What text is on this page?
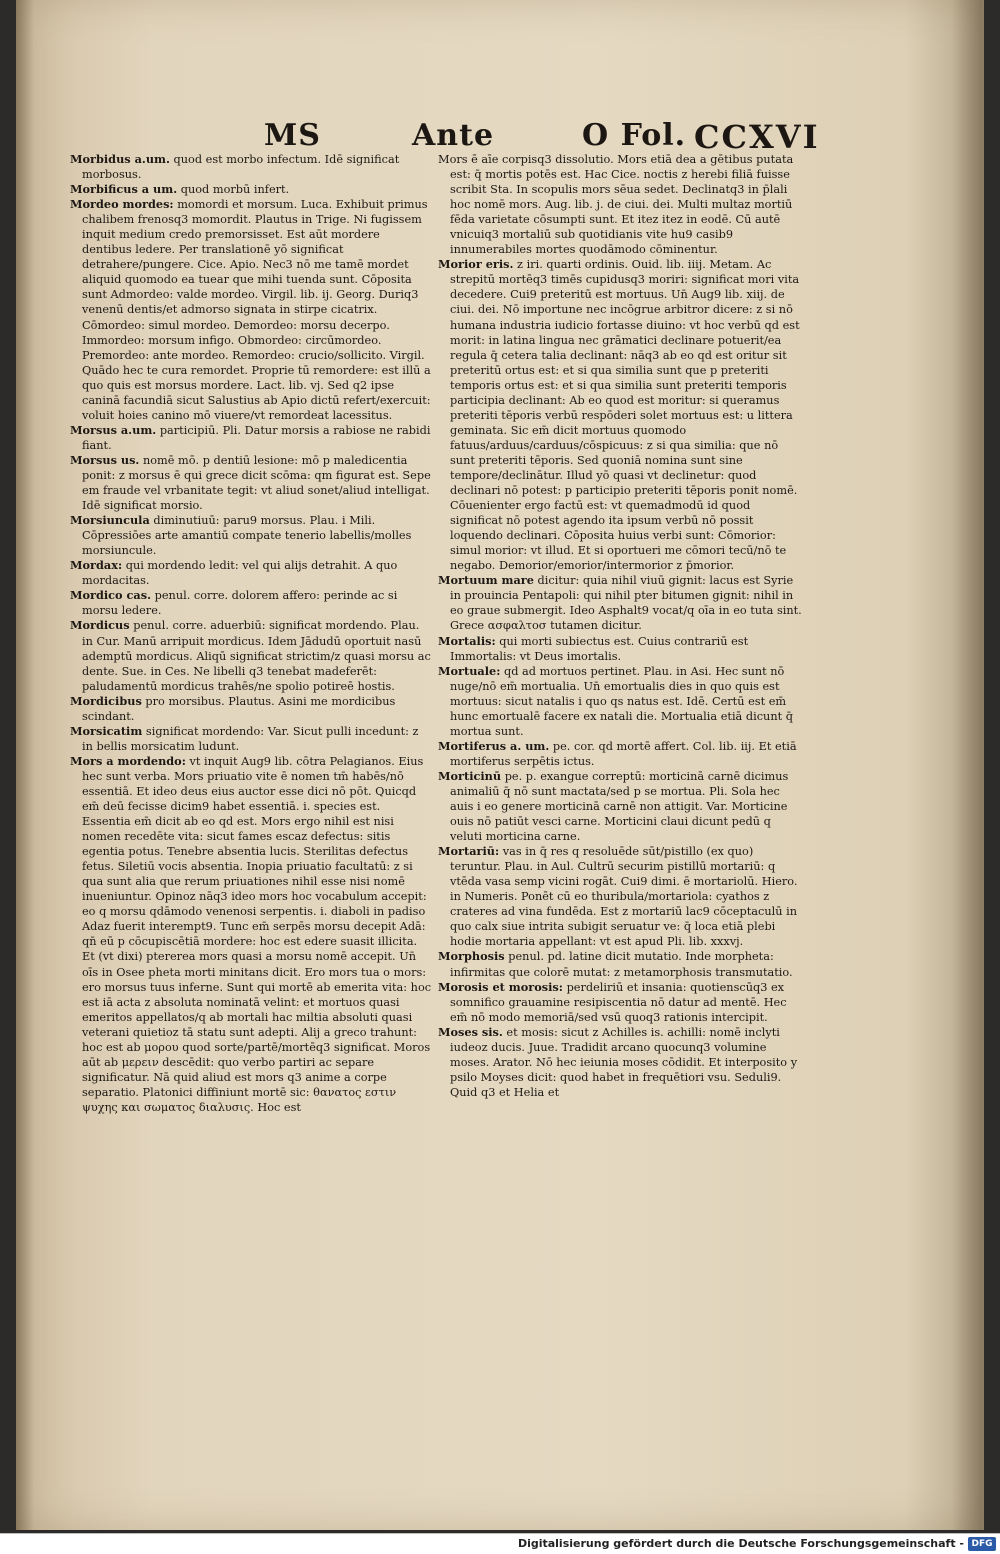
MS	Ante	O Fol. CCXVI

Morbidus a.um. quod est morbo infectum. Idē significat morbosus.

Morbificus a um. quod morbū infert.

Mordeo mordes: momordi et morsum. Luca. Exhibuit primus chalibem frenosq3 momordit. Plautus in Trige. Ni fugissem inquit medium credo premorsisset. Est aūt mordere dentibus ledere. Per translationē yō significat detrahere/pungere. Cice. Apio. Nec3 nō me tamē mordet aliquid quomodo ea tuear que mihi tuenda sunt. Cōposita sunt Admordeo: valde mordeo. Virgil. lib. ij. Georg. Duriq3 venenū dentis/et admorso signata in stirpe cicatrix. Cōmordeo: simul mordeo. Demordeo: morsu decerpo. Immordeo: morsum infigo. Obmordeo: circūmordeo. Premordeo: ante mordeo. Remordeo: crucio/sollicito. Virgil. Quādo hec te cura remordet. Proprie tū remordere: est illū a quo quis est morsus mordere. Lact. lib. vj. Sed q2 ipse caninā facundiā sicut Salustius ab Apio dictū refert/exercuit: voluit hoies canino mō viuere/vt remordeat lacessitus.

Morsus a.um. participiū. Pli. Datur morsis a rabiose ne rabidi fiant.

Morsus us. nomē mō. p dentiū lesione: mō p maledicentia ponit: z morsus ē qui grece dicit scōma: qm figurat est. Sepe em fraude vel vrbanitate tegit: vt aliud sonet/aliud intelligat. Idē significat morsio.

Morsiuncula diminutiuū: paru9 morsus. Plau. i Mili. Cōpressiōes arte amantiū compate tenerio labellis/molles morsiuncule.

Mordax: qui mordendo ledit: vel qui alijs detrahit. A quo mordacitas.

Mordico cas. penul. corre. dolorem affero: perinde ac si morsu ledere.

Mordicus penul. corre. aduerbiū: significat mordendo. Plau. in Cur. Manū arripuit mordicus. Idem Jādudū oportuit nasū ademptū mordicus. Aliqū significat strictim/z quasi morsu ac dente. Sue. in Ces. Ne libelli q3 tenebat madeferēt: paludamentū mordicus trahēs/ne spolio potireē hostis.

Mordicibus pro morsibus. Plautus. Asini me mordicibus scindant.

Morsicatim significat mordendo: Var. Sicut pulli incedunt: z in bellis morsicatim ludunt.

Mors a mordendo: vt inquit Aug9 lib. cōtra Pelagianos. Eius hec sunt verba. Mors priuatio vite ē nomen tm̄ habēs/nō essentiā. Et ideo deus eius auctor esse dici nō pōt. Quicqd em̄ deū fecisse dicim9 habet essentiā. i. species est. Essentia em̄ dicit ab eo qd est. Mors ergo nihil est nisi nomen recedēte vita: sicut fames escaz defectus: sitis egentia potus. Tenebre absentia lucis. Sterilitas defectus fetus. Siletiū vocis absentia. Inopia priuatio facultatū: z si qua sunt alia que rerum priuationes nihil esse nisi nomē inueniuntur. Opinoz nāq3 ideo mors hoc vocabulum accepit: eo q morsu qdāmodo venenosi serpentis. i. diaboli in padiso Adaz fuerit interempt9. Tunc em̄ serpēs morsu decepit Adā: qn̄ eū p cōcupiscētiā mordere: hoc est edere suasit illicita. Et (vt dixi) ptererea mors quasi a morsu nomē accepit. Un̄ oīs in Osee pheta morti minitans dicit. Ero mors tua o mors: ero morsus tuus inferne. Sunt qui mortē ab emerita vita: hoc est iā acta z absoluta nominatā velint: et mortuos quasi emeritos appellatos/q ab mortali hac miltia absoluti quasi veterani quietioz tā statu sunt adepti. Alij a greco trahunt: hoc est ab μορου quod sorte/partē/mortēq3 significat. Moros aūt ab μερειν descēdit: quo verbo partiri ac separe significatur. Nā quid aliud est mors q3 anime a corpe separatio. Platonici diffiniunt mortē sic: θανατος εστιν ψυχης και σωματος διαλυσις. Hoc est

Mors ē aīe corpisq3 dissolutio. Mors etiā dea a gētibus putata est: q̄ mortis potēs est. Hac Cice. noctis z herebi filiā fuisse scribit Sta. In scopulis mors sēua sedet. Declinatq3 in p̄lali hoc nomē mors. Aug. lib. j. de ciui. dei. Multi multaz mortiū fēda varietate cōsumpti sunt. Et itez itez in eodē. Cū autē vnicuiq3 mortaliū sub quotidianis vite hu9 casib9 innumerabiles mortes quodāmodo cōminentur.

Morior eris. z iri. quarti ordinis. Ouid. lib. iiij. Metam. Ac strepitū mortēq3 timēs cupidusq3 moriri: significat mori vita decedere. Cui9 preteritū est mortuus. Un̄ Aug9 lib. xiij. de ciui. dei. Nō importune nec incōgrue arbitror dicere: z si nō humana industria iudicio fortasse diuino: vt hoc verbū qd est morit: in latina lingua nec grāmatici declinare potuerit/ea regula q̄ cetera talia declinant: nāq3 ab eo qd est oritur sit preteritū ortus est: et si qua similia sunt que p preteriti temporis ortus est: et si qua similia sunt preteriti temporis participia declinant: Ab eo quod est moritur: si queramus preteriti tēporis verbū respōderi solet mortuus est: u littera geminata. Sic em̄ dicit mortuus quomodo fatuus/arduus/carduus/cōspicuus: z si qua similia: que nō sunt preteriti tēporis. Sed quoniā nomina sunt sine tempore/declinātur. Illud yō quasi vt declinetur: quod declinari nō potest: p participio preteriti tēporis ponit nomē. Cōuenienter ergo factū est: vt quemadmodū id quod significat nō potest agendo ita ipsum verbū nō possit loquendo declinari. Cōposita huius verbi sunt: Cōmorior: simul morior: vt illud. Et si oportueri me cōmori tecū/nō te negabo. Demorior/emorior/intermorior z p̄morior.

Mortuum mare dicitur: quia nihil viuū gignit: lacus est Syrie in prouincia Pentapoli: qui nihil pter bitumen gignit: nihil in eo graue submergit. Ideo Asphalt9 vocat/q oīa in eo tuta sint. Grece ασφαλτοσ tutamen dicitur.

Mortalis: qui morti subiectus est. Cuius contrariū est Immortalis: vt Deus imortalis.

Mortuale: qd ad mortuos pertinet. Plau. in Asi. Hec sunt nō nuge/nō em̄ mortualia. Un̄ emortualis dies in quo quis est mortuus: sicut natalis i quo qs natus est. Idē. Certū est em̄ hunc emortualē facere ex natali die. Mortualia etiā dicunt q̄ mortua sunt.

Mortiferus a. um. pe. cor. qd mortē affert. Col. lib. iij. Et etiā mortiferus serpētis ictus.

Morticinū pe. p. exangue correptū: morticinā carnē dicimus animaliū q̄ nō sunt mactata/sed p se mortua. Pli. Sola hec auis i eo genere morticinā carnē non attigit. Var. Morticine ouis nō patiūt vesci carne. Morticini claui dicunt pedū q veluti morticina carne.

Mortariū: vas in q̄ res q resoluēde sūt/pistillo (ex quo) teruntur. Plau. in Aul. Cultrū securim pistillū mortariū: q vtēda vasa semp vicini rogāt. Cui9 dimi. ē mortariolū. Hiero. in Numeris. Ponēt cū eo thuribula/mortariola: cyathos z crateres ad vina fundēda. Est z mortariū lac9 cōceptaculū in quo calx siue intrita subigit seruatur ve: q̄ loca etiā plebi hodie mortaria appellant: vt est apud Pli. lib. xxxvj.

Morphosis penul. pd. latine dicit mutatio. Inde morpheta: infirmitas que colorē mutat: z metamorphosis transmutatio.

Morosis et morosis: perdeliriū et insania: quotienscūq3 ex somnifico grauamine resipiscentia nō datur ad mentē. Hec em̄ nō modo memoriā/sed vsū quoq3 rationis intercipit.

Moses sis. et mosis: sicut z Achilles is. achilli: nomē inclyti iudeoz ducis. Juue. Tradidit arcano quocunq3 volumine moses. Arator. Nō hec ieiunia moses cōdidit. Et interposito y psilo Moyses dicit: quod habet in frequētiori vsu. Seduli9. Quid q3 et Helia et

Digitalisierung gefördert durch die Deutsche Forschungsgemeinschaft - DFG
